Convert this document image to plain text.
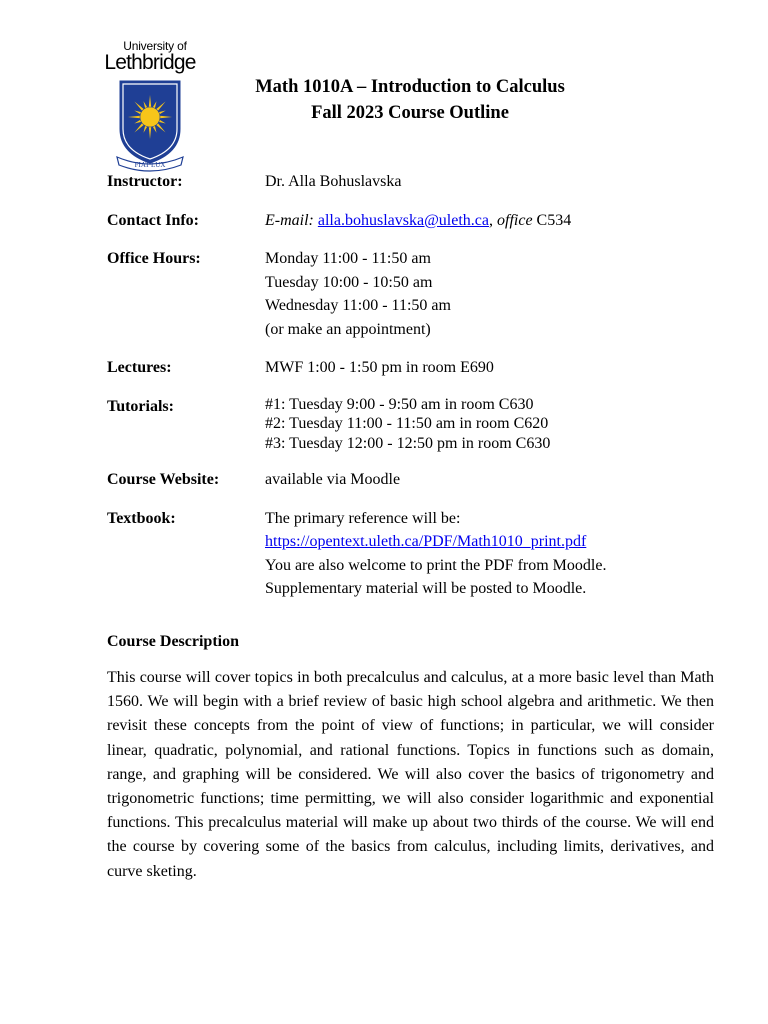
University of
Lethbridge
FIAT LUX
Math 1010A – Introduction to Calculus
Fall 2023 Course Outline
Instructor:	Dr. Alla Bohuslavska
Contact Info:	E-mail: alla.bohuslavska@uleth.ca, office C534
Office Hours:	Monday 11:00 - 11:50 am
Tuesday 10:00 - 10:50 am
Wednesday 11:00 - 11:50 am
(or make an appointment)
Lectures:	MWF 1:00 - 1:50 pm in room E690
Tutorials:	#1: Tuesday 9:00 - 9:50 am in room C630
#2: Tuesday 11:00 - 11:50 am in room C620
#3: Tuesday 12:00 - 12:50 pm in room C630
Course Website:	available via Moodle
Textbook:	The primary reference will be:
https://opentext.uleth.ca/PDF/Math1010_print.pdf
You are also welcome to print the PDF from Moodle.
Supplementary material will be posted to Moodle.
Course Description
This course will cover topics in both precalculus and calculus, at a more basic level than Math 1560. We will begin with a brief review of basic high school algebra and arithmetic. We then revisit these concepts from the point of view of functions; in particular, we will consider linear, quadratic, polynomial, and rational functions. Topics in functions such as domain, range, and graphing will be considered. We will also cover the basics of trigonometry and trigonometric functions; time permitting, we will also consider logarithmic and exponential functions. This precalculus material will make up about two thirds of the course. We will end the course by covering some of the basics from calculus, including limits, derivatives, and curve sketing.
